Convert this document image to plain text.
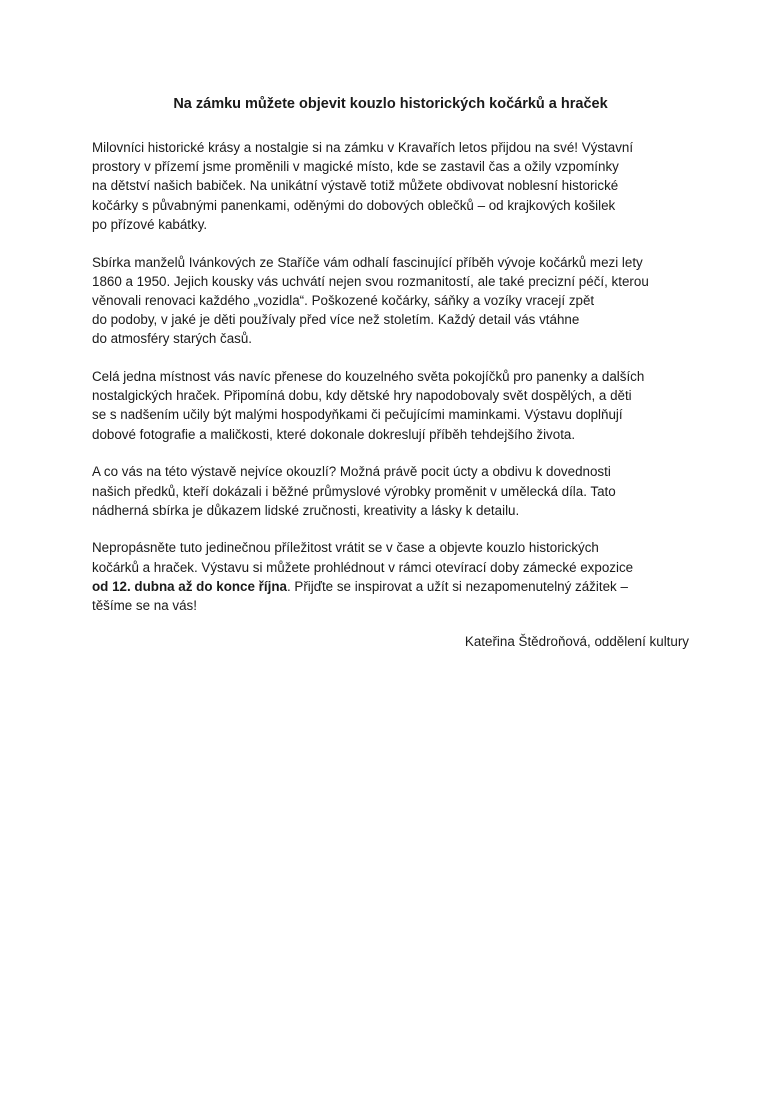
Na zámku můžete objevit kouzlo historických kočárků a hraček

Milovníci historické krásy a nostalgie si na zámku v Kravařích letos přijdou na své! Výstavní
prostory v přízemí jsme proměnili v magické místo, kde se zastavil čas a ožily vzpomínky
na dětství našich babiček. Na unikátní výstavě totiž můžete obdivovat noblesní historické
kočárky s půvabnými panenkami, oděnými do dobových oblečků – od krajkových košilek
po přízové kabátky.

Sbírka manželů Ivánkových ze Staříče vám odhalí fascinující příběh vývoje kočárků mezi lety
1860 a 1950. Jejich kousky vás uchvátí nejen svou rozmanitostí, ale také precizní péčí, kterou
věnovali renovaci každého „vozidla“. Poškozené kočárky, sáňky a vozíky vracejí zpět
do podoby, v jaké je děti používaly před více než stoletím. Každý detail vás vtáhne
do atmosféry starých časů.

Celá jedna místnost vás navíc přenese do kouzelného světa pokojíčků pro panenky a dalších
nostalgických hraček. Připomíná dobu, kdy dětské hry napodobovaly svět dospělých, a děti
se s nadšením učily být malými hospodyňkami či pečujícími maminkami. Výstavu doplňují
dobové fotografie a maličkosti, které dokonale dokreslují příběh tehdejšího života.

A co vás na této výstavě nejvíce okouzlí? Možná právě pocit úcty a obdivu k dovednosti
našich předků, kteří dokázali i běžné průmyslové výrobky proměnit v umělecká díla. Tato
nádherná sbírka je důkazem lidské zručnosti, kreativity a lásky k detailu.

Nepropásněte tuto jedinečnou příležitost vrátit se v čase a objevte kouzlo historických
kočárků a hraček. Výstavu si můžete prohlédnout v rámci otevírací doby zámecké expozice
od 12. dubna až do konce října. Přijďte se inspirovat a užít si nezapomenutelný zážitek –
těšíme se na vás!

Kateřina Štědroňová, oddělení kultury
